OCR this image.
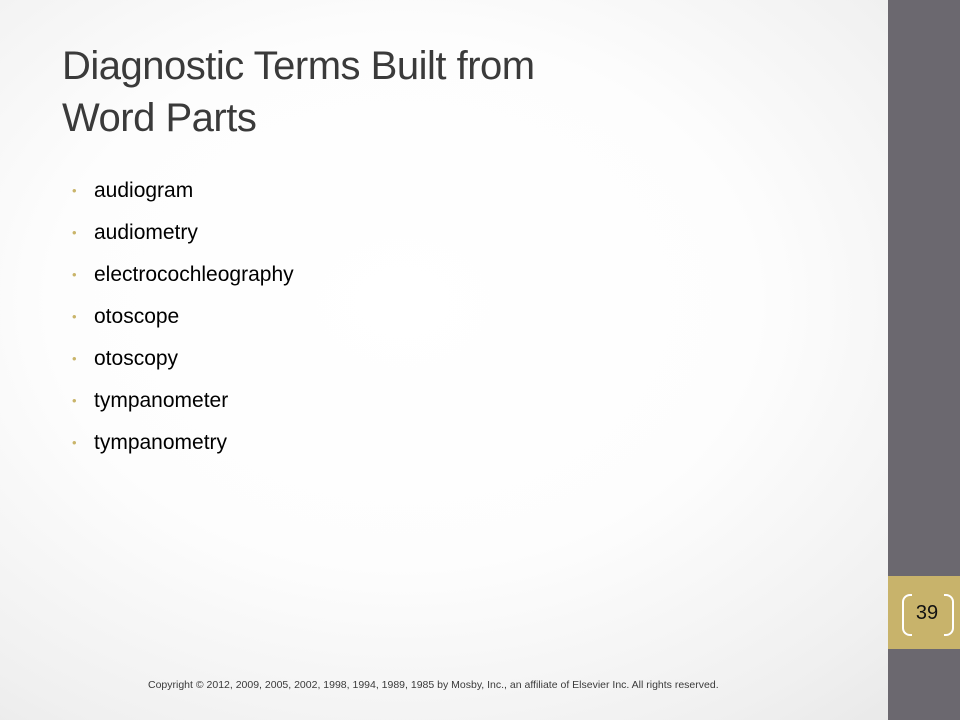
Diagnostic Terms Built from
Word Parts
• audiogram
• audiometry
• electrocochleography
• otoscope
• otoscopy
• tympanometer
• tympanometry
39
Copyright © 2012, 2009, 2005, 2002, 1998, 1994, 1989, 1985 by Mosby, Inc., an affiliate of Elsevier Inc. All rights reserved.
